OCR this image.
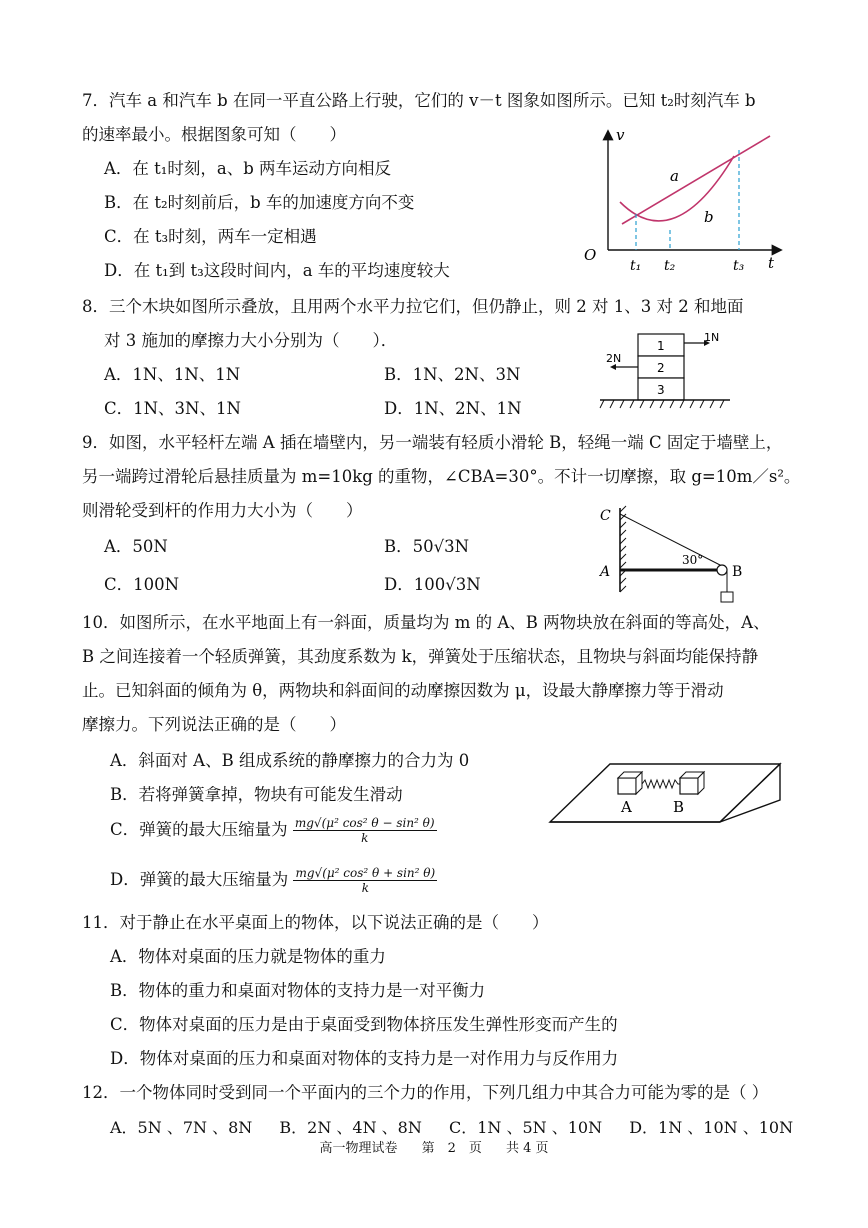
7．汽车 a 和汽车 b 在同一平直公路上行驶，它们的 v－t 图象如图所示。已知 t₂时刻汽车 b
的速率最小。根据图象可知（　　）
A．在 t₁时刻，a、b 两车运动方向相反
B．在 t₂时刻前后，b 车的加速度方向不变
C．在 t₃时刻，两车一定相遇
D．在 t₁到 t₃这段时间内，a 车的平均速度较大
v
t
O
a
b
t₁ t₂	t₃
8．三个木块如图所示叠放，且用两个水平力拉它们，但仍静止，则 2 对 1、3 对 2 和地面
对 3 施加的摩擦力大小分别为（　　）．
A．1N、1N、1N	B．1N、2N、3N
C．1N、3N、1N	D．1N、2N、1N
1N
2N
1
2
3
9．如图，水平轻杆左端 A 插在墙壁内，另一端装有轻质小滑轮 B，轻绳一端 C 固定于墙壁上，
另一端跨过滑轮后悬挂质量为 m=10kg 的重物，∠CBA=30°。不计一切摩擦，取 g=10m／s²。
则滑轮受到杆的作用力大小为（　　）
A．50N	B．50√3N
C．100N	D．100√3N
C
A	B
30°
10．如图所示，在水平地面上有一斜面，质量均为 m 的 A、B 两物块放在斜面的等高处，A、
B 之间连接着一个轻质弹簧，其劲度系数为 k，弹簧处于压缩状态，且物块与斜面均能保持静
止。已知斜面的倾角为 θ，两物块和斜面间的动摩擦因数为 μ，设最大静摩擦力等于滑动
摩擦力。下列说法正确的是（　　）
A．斜面对 A、B 组成系统的静摩擦力的合力为 0
B．若将弹簧拿掉，物块有可能发生滑动
C．弹簧的最大压缩量为 $\frac{\text{mg√(μ² cos² θ − sin² θ)}}{k}$
D．弹簧的最大压缩量为 $\frac{\text{mg√(μ² cos² θ + sin² θ)}}{k}$
A	B
11．对于静止在水平桌面上的物体，以下说法正确的是（　　）
A．物体对桌面的压力就是物体的重力
B．物体的重力和桌面对物体的支持力是一对平衡力
C．物体对桌面的压力是由于桌面受到物体挤压发生弹性形变而产生的
D．物体对桌面的压力和桌面对物体的支持力是一对作用力与反作用力
12．一个物体同时受到同一个平面内的三个力的作用，下列几组力中其合力可能为零的是（ ）
A．5N 、7N 、8N B．2N 、4N 、8N C．1N 、5N 、10N D．1N 、10N 、10N
高一物理试卷 第　2　页 共 4 页
